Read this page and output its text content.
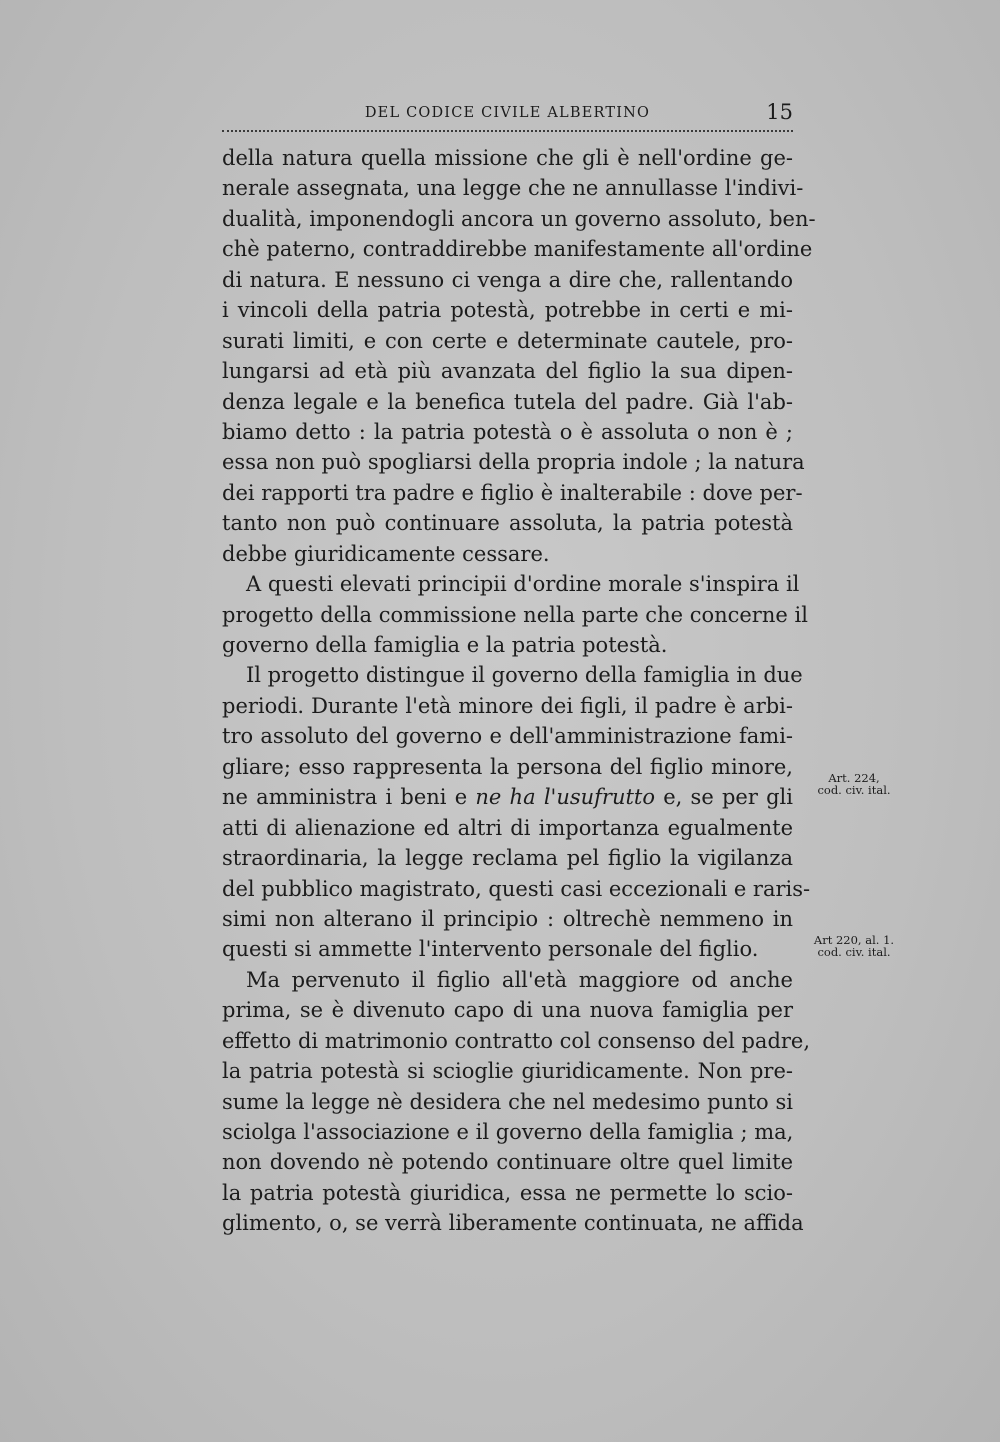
DEL CODICE CIVILE ALBERTINO	15
della natura quella missione che gli è nell'ordine ge-
nerale assegnata, una legge che ne annullasse l'indivi-
dualità, imponendogli ancora un governo assoluto, ben-
chè paterno, contraddirebbe manifestamente all'ordine
di natura. E nessuno ci venga a dire che, rallentando
i vincoli della patria potestà, potrebbe in certi e mi-
surati limiti, e con certe e determinate cautele, pro-
lungarsi ad età più avanzata del figlio la sua dipen-
denza legale e la benefica tutela del padre. Già l'ab-
biamo detto : la patria potestà o è assoluta o non è ;
essa non può spogliarsi della propria indole ; la natura
dei rapporti tra padre e figlio è inalterabile : dove per-
tanto non può continuare assoluta, la patria potestà
debbe giuridicamente cessare.
A questi elevati principii d'ordine morale s'inspira il
progetto della commissione nella parte che concerne il
governo della famiglia e la patria potestà.
Il progetto distingue il governo della famiglia in due
periodi. Durante l'età minore dei figli, il padre è arbi-
tro assoluto del governo e dell'amministrazione fami-
gliare; esso rappresenta la persona del figlio minore,
ne amministra i beni e ne ha l'usufrutto e, se per gli
atti di alienazione ed altri di importanza egualmente
straordinaria, la legge reclama pel figlio la vigilanza
del pubblico magistrato, questi casi eccezionali e raris-
simi non alterano il principio : oltrechè nemmeno in
questi si ammette l'intervento personale del figlio.
Ma pervenuto il figlio all'età maggiore od anche
prima, se è divenuto capo di una nuova famiglia per
effetto di matrimonio contratto col consenso del padre,
la patria potestà si scioglie giuridicamente. Non pre-
sume la legge nè desidera che nel medesimo punto si
sciolga l'associazione e il governo della famiglia ; ma,
non dovendo nè potendo continuare oltre quel limite
la patria potestà giuridica, essa ne permette lo scio-
glimento, o, se verrà liberamente continuata, ne affida
Art. 224,
cod. civ. ital.
Art 220, al. 1.
cod. civ. ital.
